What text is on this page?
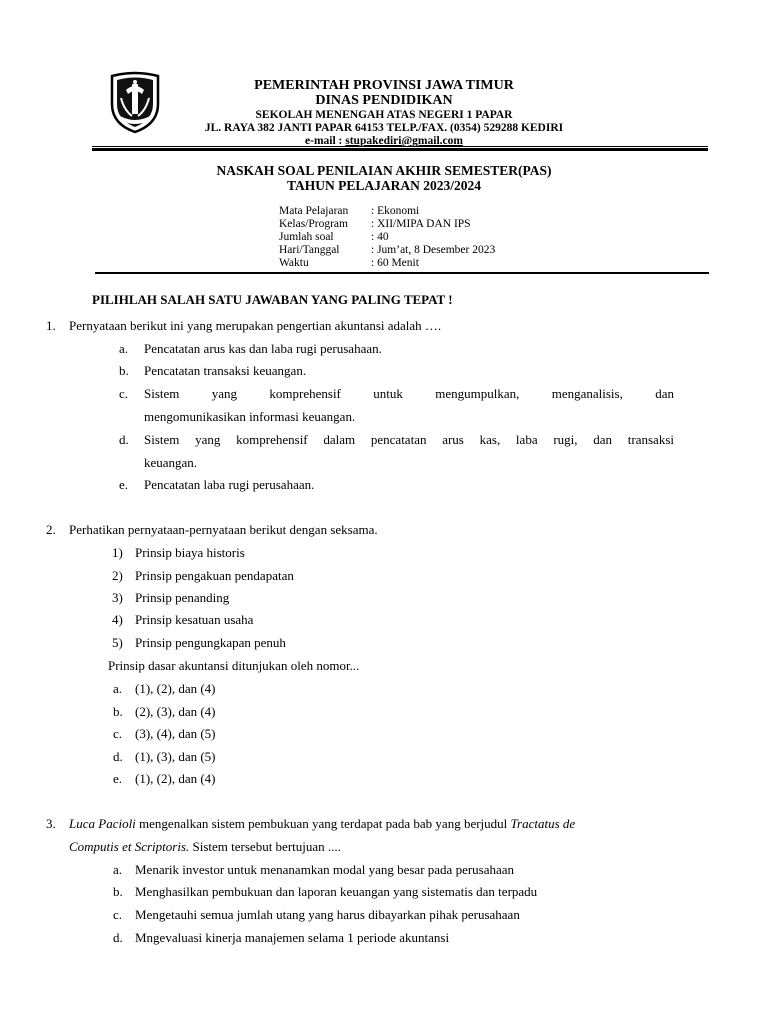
PEMERINTAH PROVINSI JAWA TIMUR
DINAS PENDIDIKAN
SEKOLAH MENENGAH ATAS NEGERI 1 PAPAR
JL. RAYA 382 JANTI PAPAR 64153 TELP./FAX. (0354) 529288 KEDIRI
e-mail : stupakediri@gmail.com
NASKAH SOAL PENILAIAN AKHIR SEMESTER(PAS)
TAHUN PELAJARAN 2023/2024
Mata Pelajaran	: Ekonomi
Kelas/Program	: XII/MIPA DAN IPS
Jumlah soal	: 40
Hari/Tanggal	: Jum’at, 8 Desember 2023
Waktu	: 60 Menit
PILIHLAH SALAH SATU JAWABAN YANG PALING TEPAT !
1. Pernyataan berikut ini yang merupakan pengertian akuntansi adalah ….
a. Pencatatan arus kas dan laba rugi perusahaan.
b. Pencatatan transaksi keuangan.
c. Sistem yang komprehensif untuk mengumpulkan, menganalisis, dan
mengomunikasikan informasi keuangan.
d. Sistem yang komprehensif dalam pencatatan arus kas, laba rugi, dan transaksi
keuangan.
e. Pencatatan laba rugi perusahaan.
2. Perhatikan pernyataan-pernyataan berikut dengan seksama.
1) Prinsip biaya historis
2) Prinsip pengakuan pendapatan
3) Prinsip penanding
4) Prinsip kesatuan usaha
5) Prinsip pengungkapan penuh
Prinsip dasar akuntansi ditunjukan oleh nomor...
a. (1), (2), dan (4)
b. (2), (3), dan (4)
c. (3), (4), dan (5)
d. (1), (3), dan (5)
e. (1), (2), dan (4)
3. Luca Pacioli mengenalkan sistem pembukuan yang terdapat pada bab yang berjudul Tractatus de
Computis et Scriptoris. Sistem tersebut bertujuan ....
a. Menarik investor untuk menanamkan modal yang besar pada perusahaan
b. Menghasilkan pembukuan dan laporan keuangan yang sistematis dan terpadu
c. Mengetauhi semua jumlah utang yang harus dibayarkan pihak perusahaan
d. Mngevaluasi kinerja manajemen selama 1 periode akuntansi
